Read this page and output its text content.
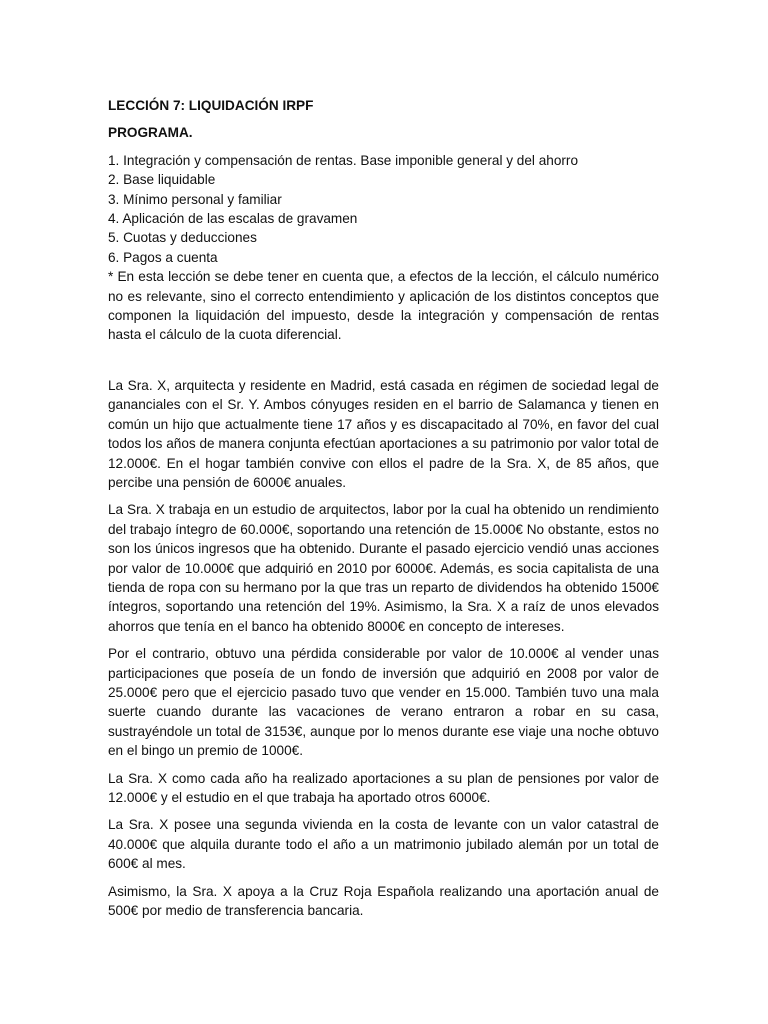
LECCIÓN 7: LIQUIDACIÓN IRPF

PROGRAMA.

1. Integración y compensación de rentas. Base imponible general y del ahorro
2. Base liquidable
3. Mínimo personal y familiar
4. Aplicación de las escalas de gravamen
5. Cuotas y deducciones
6. Pagos a cuenta

* En esta lección se debe tener en cuenta que, a efectos de la lección, el cálculo numérico no es relevante, sino el correcto entendimiento y aplicación de los distintos conceptos que componen la liquidación del impuesto, desde la integración y compensación de rentas hasta el cálculo de la cuota diferencial.

La Sra. X, arquitecta y residente en Madrid, está casada en régimen de sociedad legal de gananciales con el Sr. Y. Ambos cónyuges residen en el barrio de Salamanca y tienen en común un hijo que actualmente tiene 17 años y es discapacitado al 70%, en favor del cual todos los años de manera conjunta efectúan aportaciones a su patrimonio por valor total de 12.000€. En el hogar también convive con ellos el padre de la Sra. X, de 85 años, que percibe una pensión de 6000€ anuales.

La Sra. X trabaja en un estudio de arquitectos, labor por la cual ha obtenido un rendimiento del trabajo íntegro de 60.000€, soportando una retención de 15.000€ No obstante, estos no son los únicos ingresos que ha obtenido. Durante el pasado ejercicio vendió unas acciones por valor de 10.000€ que adquirió en 2010 por 6000€. Además, es socia capitalista de una tienda de ropa con su hermano por la que tras un reparto de dividendos ha obtenido 1500€ íntegros, soportando una retención del 19%. Asimismo, la Sra. X a raíz de unos elevados ahorros que tenía en el banco ha obtenido 8000€ en concepto de intereses.

Por el contrario, obtuvo una pérdida considerable por valor de 10.000€ al vender unas participaciones que poseía de un fondo de inversión que adquirió en 2008 por valor de 25.000€ pero que el ejercicio pasado tuvo que vender en 15.000. También tuvo una mala suerte cuando durante las vacaciones de verano entraron a robar en su casa, sustrayéndole un total de 3153€, aunque por lo menos durante ese viaje una noche obtuvo en el bingo un premio de 1000€.

La Sra. X como cada año ha realizado aportaciones a su plan de pensiones por valor de 12.000€ y el estudio en el que trabaja ha aportado otros 6000€.

La Sra. X posee una segunda vivienda en la costa de levante con un valor catastral de 40.000€ que alquila durante todo el año a un matrimonio jubilado alemán por un total de 600€ al mes.

Asimismo, la Sra. X apoya a la Cruz Roja Española realizando una aportación anual de 500€ por medio de transferencia bancaria.
